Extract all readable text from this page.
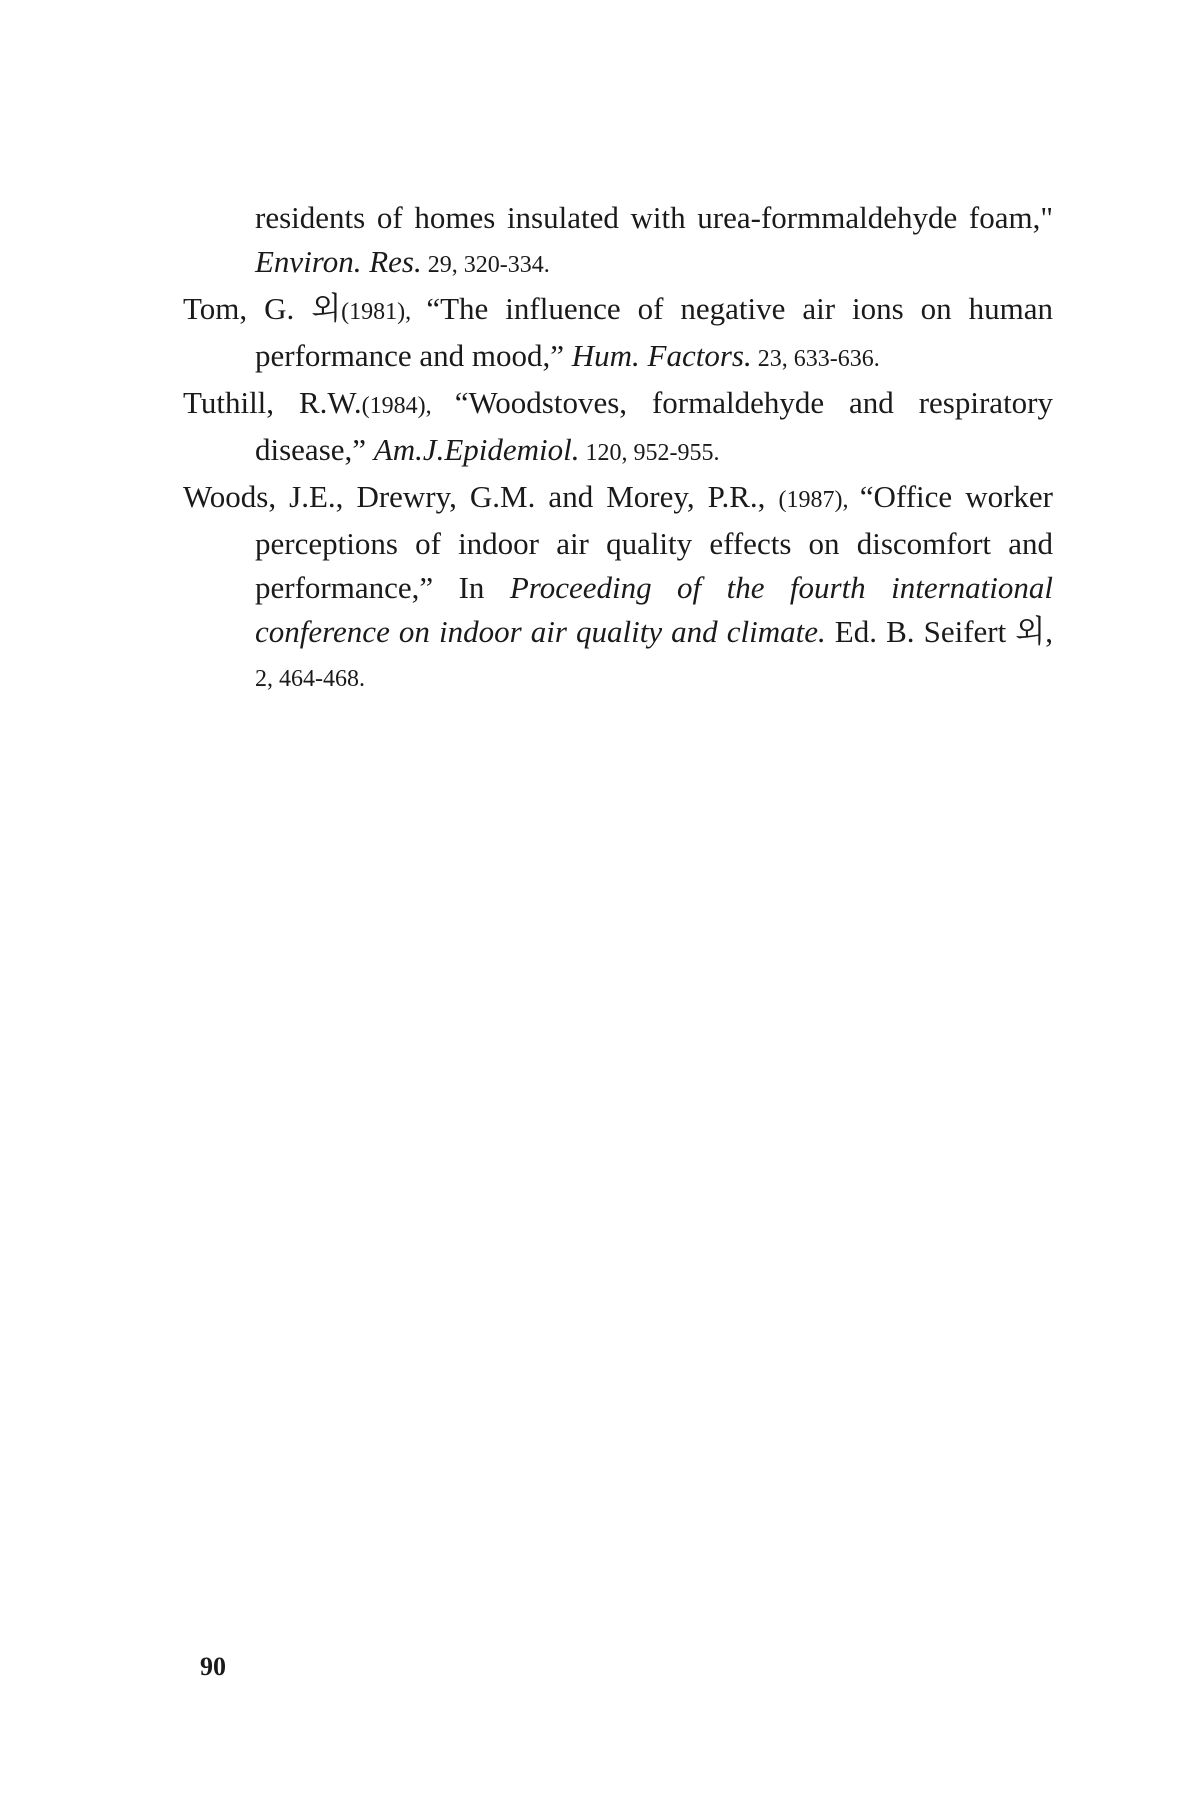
residents of homes insulated with urea-formmaldehyde foam," Environ. Res. 29, 320-334.
Tom, G. 외(1981), “The influence of negative air ions on human performance and mood,” Hum. Factors. 23, 633-636.
Tuthill, R.W.(1984), “Woodstoves, formaldehyde and respiratory disease,” Am.J.Epidemiol. 120, 952-955.
Woods, J.E., Drewry, G.M. and Morey, P.R., (1987), “Office worker perceptions of indoor air quality effects on discomfort and performance,” In Proceeding of the fourth international conference on indoor air quality and climate. Ed. B. Seifert 외, 2, 464-468.
90
